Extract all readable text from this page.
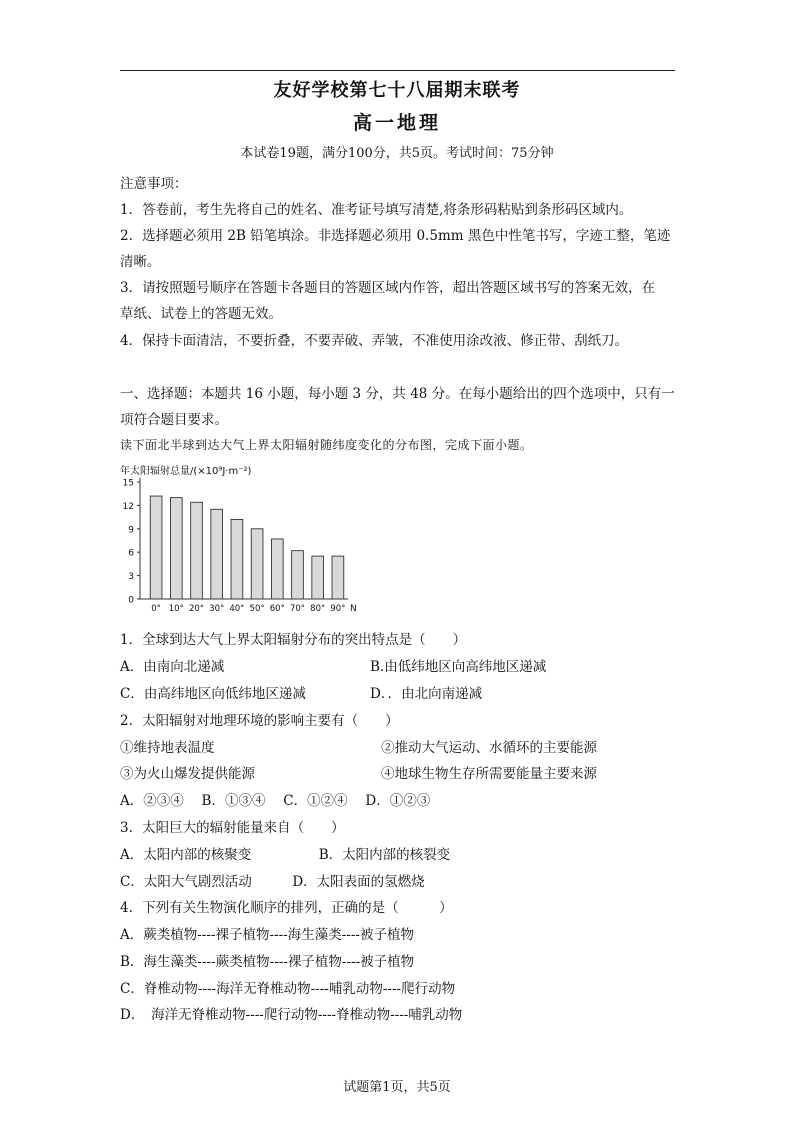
友好学校第七十八届期末联考
高一地理
本试卷19题，满分100分，共5页。考试时间：75分钟
注意事项：
1．答卷前，考生先将自己的姓名、准考证号填写清楚,将条形码粘贴到条形码区域内。
2．选择题必须用 2B 铅笔填涂。非选择题必须用 0.5mm 黑色中性笔书写，字迹工整，笔迹
清晰。
3．请按照题号顺序在答题卡各题目的答题区域内作答，超出答题区域书写的答案无效，在
草纸、试卷上的答题无效。
4．保持卡面清洁，不要折叠，不要弄破、弄皱，不准使用涂改液、修正带、刮纸刀。
一、选择题：本题共 16 小题，每小题 3 分，共 48 分。在每小题给出的四个选项中，只有一
项符合题目要求。
读下面北半球到达大气上界太阳辐射随纬度变化的分布图，完成下面小题。
年太阳辐射总量/(×10⁹J·m⁻²)
15
12
9
6
3
0
0° 10° 20° 30° 40° 50° 60° 70° 80° 90° N
1．全球到达大气上界太阳辐射分布的突出特点是（　　）
A．由南向北递减	B.由低纬地区向高纬地区递减
C．由高纬地区向低纬地区递减	D．．由北向南递减
2．太阳辐射对地理环境的影响主要有（　　）
①维持地表温度	②推动大气运动、水循环的主要能源
③为火山爆发提供能源	④地球生物生存所需要能量主要来源
A．②③④　 B．①③④　 C．①②④　 D．①②③
3．太阳巨大的辐射能量来自（　　）
A．太阳内部的核聚变　　　　　B．太阳内部的核裂变
C．太阳大气剧烈活动　　　D．太阳表面的氢燃烧
4．下列有关生物演化顺序的排列，正确的是（　　　）
A．蕨类植物----裸子植物----海生藻类----被子植物
B．海生藻类----蕨类植物----裸子植物----被子植物
C．脊椎动物----海洋无脊椎动物----哺乳动物----爬行动物
D．　海洋无脊椎动物----爬行动物----脊椎动物----哺乳动物
试题第1页，共5页
